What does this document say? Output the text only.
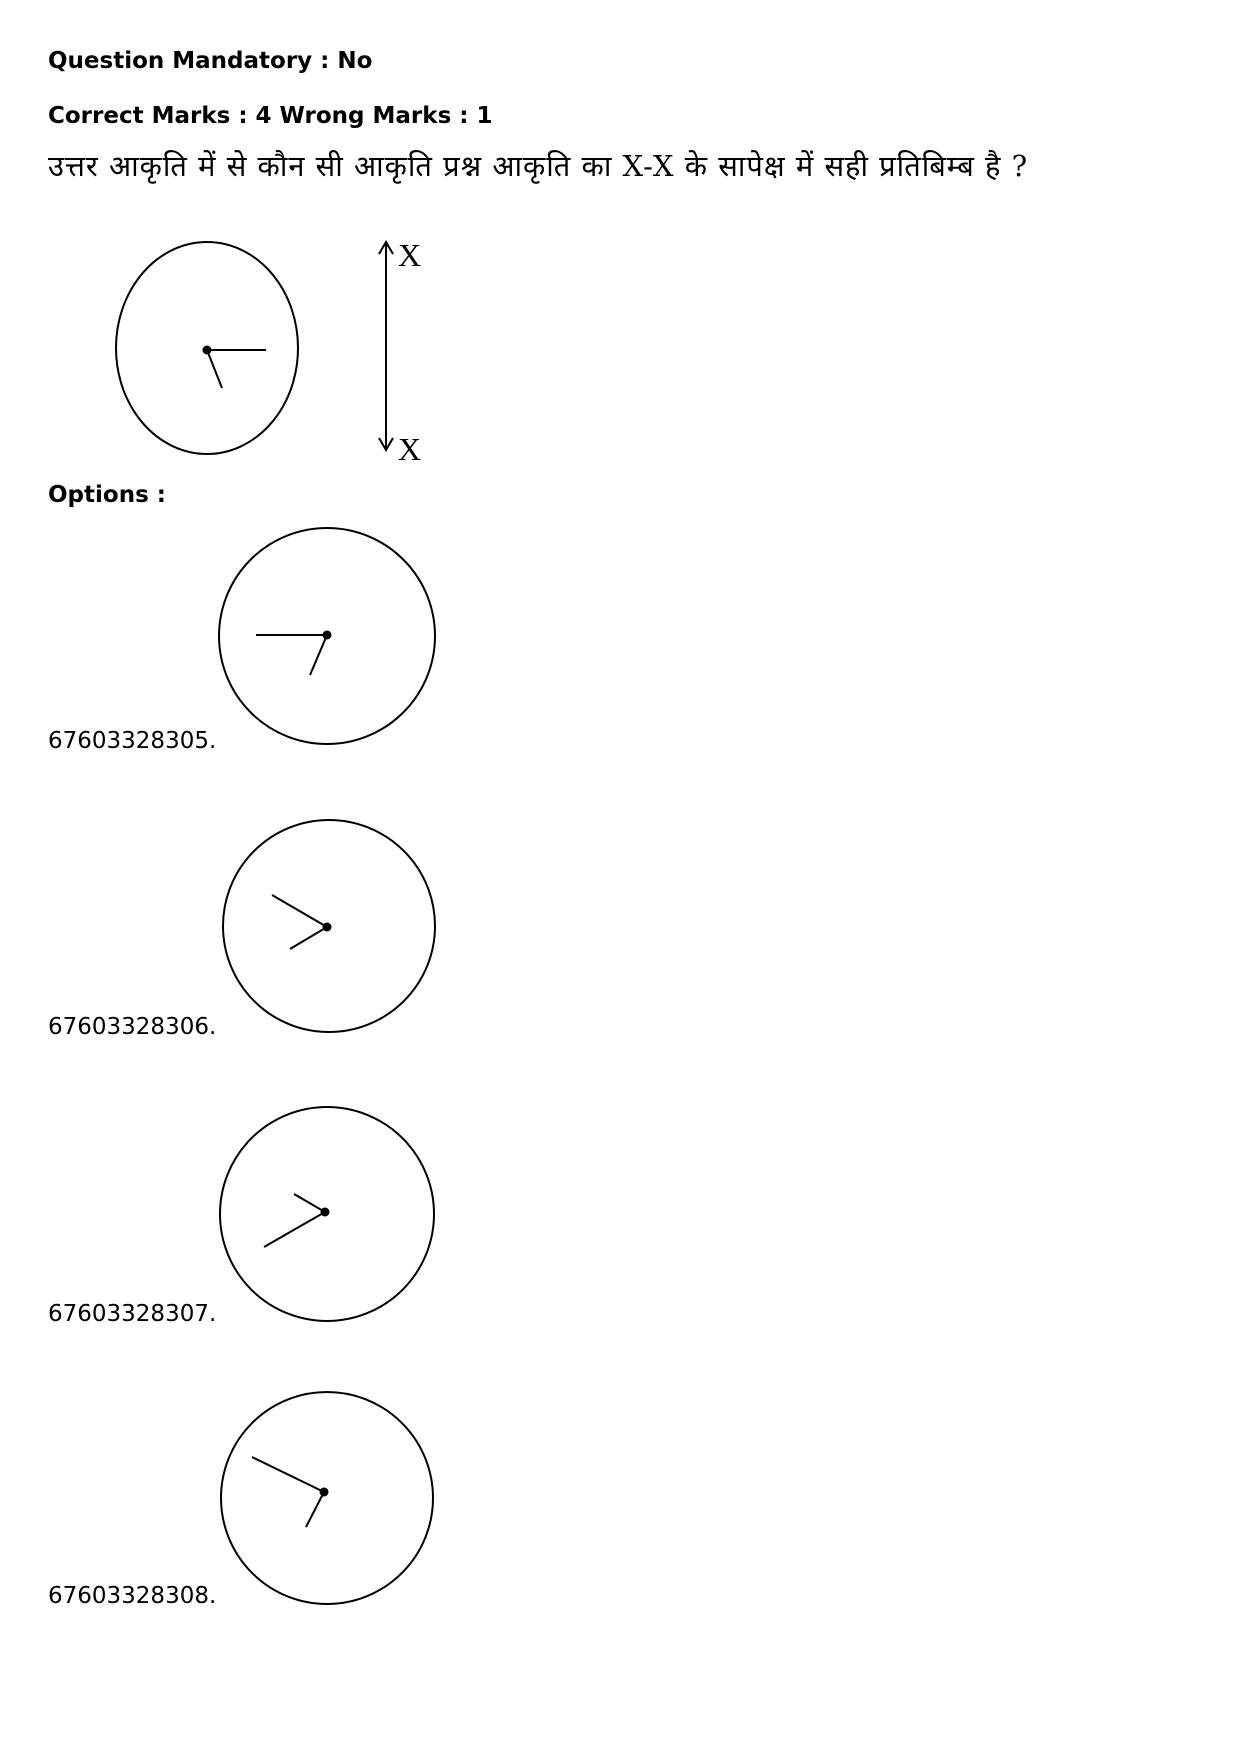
Question Mandatory : No
Correct Marks : 4 Wrong Marks : 1
उत्तर आकृति में से कौन सी आकृति प्रश्न आकृति का X-X के सापेक्ष में सही प्रतिबिम्ब है ?
X
X
Options :
67603328305.
67603328306.
67603328307.
67603328308.
